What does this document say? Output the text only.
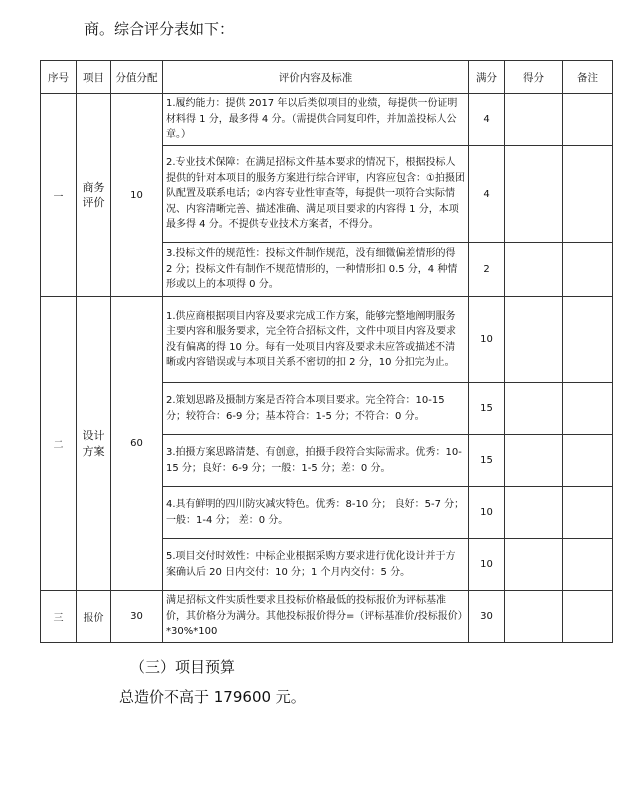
商。综合评分表如下：
序号	项目	分值分配	评价内容及标准	满分	得分	备注
一	商务评价	10	1.履约能力：提供 2017 年以后类似项目的业绩，每提供一份证明材料得 1 分，最多得 4 分。（需提供合同复印件，并加盖投标人公章。）	4		
			2.专业技术保障：在满足招标文件基本要求的情况下，根据投标人提供的针对本项目的服务方案进行综合评审，内容应包含：①拍摄团队配置及联系电话；②内容专业性审查等，每提供一项符合实际情况、内容清晰完善、描述准确、满足项目要求的内容得 1 分，本项最多得 4 分。不提供专业技术方案者，不得分。	4		
			3.投标文件的规范性：投标文件制作规范，没有细微偏差情形的得 2 分；投标文件有制作不规范情形的，一种情形扣 0.5 分，4 种情形或以上的本项得 0 分。	2		
二	设计方案	60	1.供应商根据项目内容及要求完成工作方案，能够完整地阐明服务主要内容和服务要求，完全符合招标文件，文件中项目内容及要求没有偏离的得 10 分。每有一处项目内容及要求未应答或描述不清晰或内容错误或与本项目关系不密切的扣 2 分，10 分扣完为止。	10		
			2.策划思路及摄制方案是否符合本项目要求。完全符合：10-15 分；较符合：6-9 分；基本符合：1-5 分；不符合：0 分。	15		
			3.拍摄方案思路清楚、有创意，拍摄手段符合实际需求。优秀：10-15 分；良好：6-9 分；一般：1-5 分；差：0 分。	15		
			4.具有鲜明的四川防灾减灾特色。优秀：8-10 分； 良好：5-7 分； 一般：1-4 分； 差：0 分。	10		
			5.项目交付时效性：中标企业根据采购方要求进行优化设计并于方案确认后 20 日内交付：10 分；1 个月内交付：5 分。	10		
三	报价	30	满足招标文件实质性要求且投标价格最低的投标报价为评标基准价，其价格分为满分。其他投标报价得分=（评标基准价/投标报价）*30%*100	30		
（三）项目预算
总造价不高于 179600 元。
